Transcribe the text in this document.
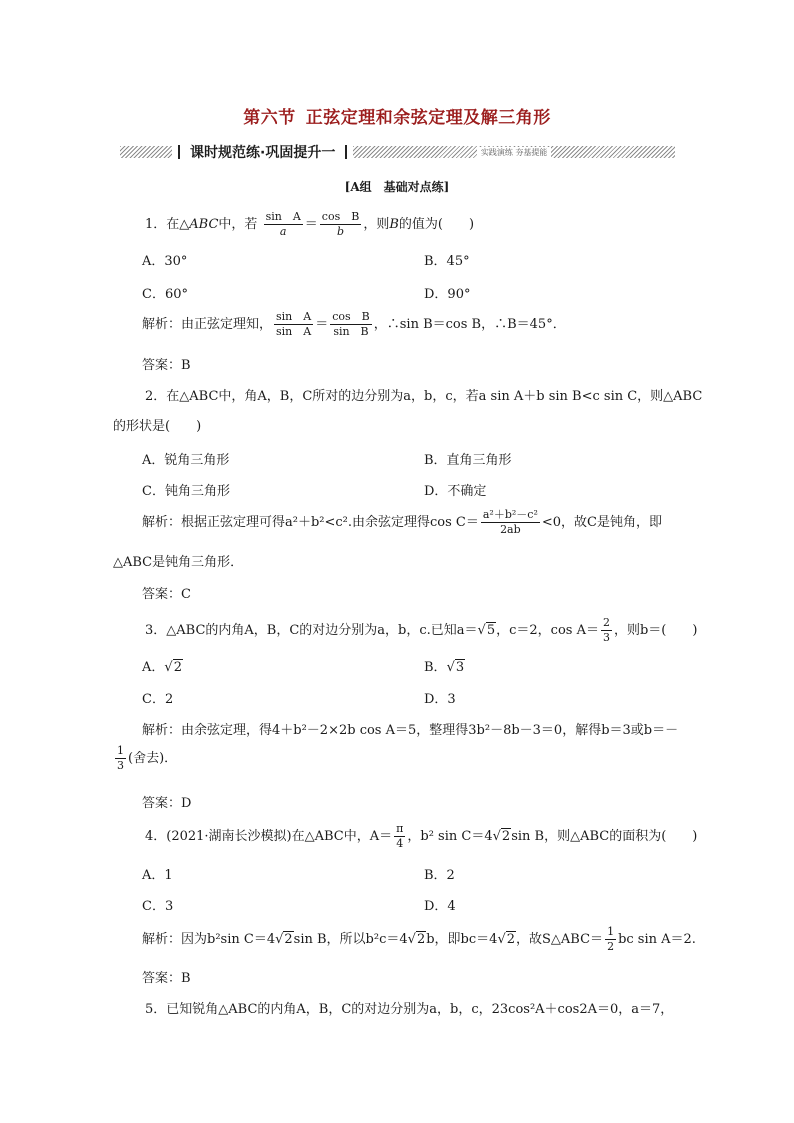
第六节 正弦定理和余弦定理及解三角形
课时规范练·巩固提升一	实践演练 夯基提能
[A组　基础对点练]
1．在△ABC中，若 $\frac{\text{sin　A}}{a} = \frac{\text{cos　B}}{b}$ ，则B的值为(　　)
A．30°	B．45°
C．60°	D．90°
解析：由正弦定理知， $\frac{\text{sin　A}}{\text{sin　A}} = \frac{\text{cos　B}}{\text{sin　B}}$ ，∴sin B＝cos B，∴B＝45°．
答案：B
2．在△ABC中，角A，B，C所对的边分别为a，b，c，若a sin A＋b sin B<c sin C，则△ABC
的形状是(　　)
A．锐角三角形	B．直角三角形
C．钝角三角形	D．不确定
解析：根据正弦定理可得a²＋b²<c².由余弦定理得$\cos C= \frac{\text{a²＋b²－c²}}{2ab} <0$，故C是钝角，即
△ABC是钝角三角形．
答案：C
3．△ABC的内角A，B，C的对边分别为a，b，c.已知a＝√5，c＝2，$\cos A= \frac{2}{3}$ ，则b＝(　　)
A．√2	B．√3
C．2	D．3
解析：由余弦定理，得4＋b²－2×2b cos A＝5，整理得3b²－8b－3＝0，解得b＝3或b＝－
$\frac{1}{3}$ (舍去)．
答案：D
4．(2021·湖南长沙模拟)在△ABC中，$A= \frac{\pi}{4}$ ，b² sin C＝4√2sin B，则△ABC的面积为(　　)
A．1	B．2
C．3	D．4
解析：因为b²sin C＝4√2sin B，所以b²c＝4√2b，即bc＝4√2，故S△ABC＝ $\frac{1}{2}$ bc sin A＝2.
答案：B
5．已知锐角△ABC的内角A，B，C的对边分别为a，b，c，23cos²A＋cos2A＝0，a＝7，
